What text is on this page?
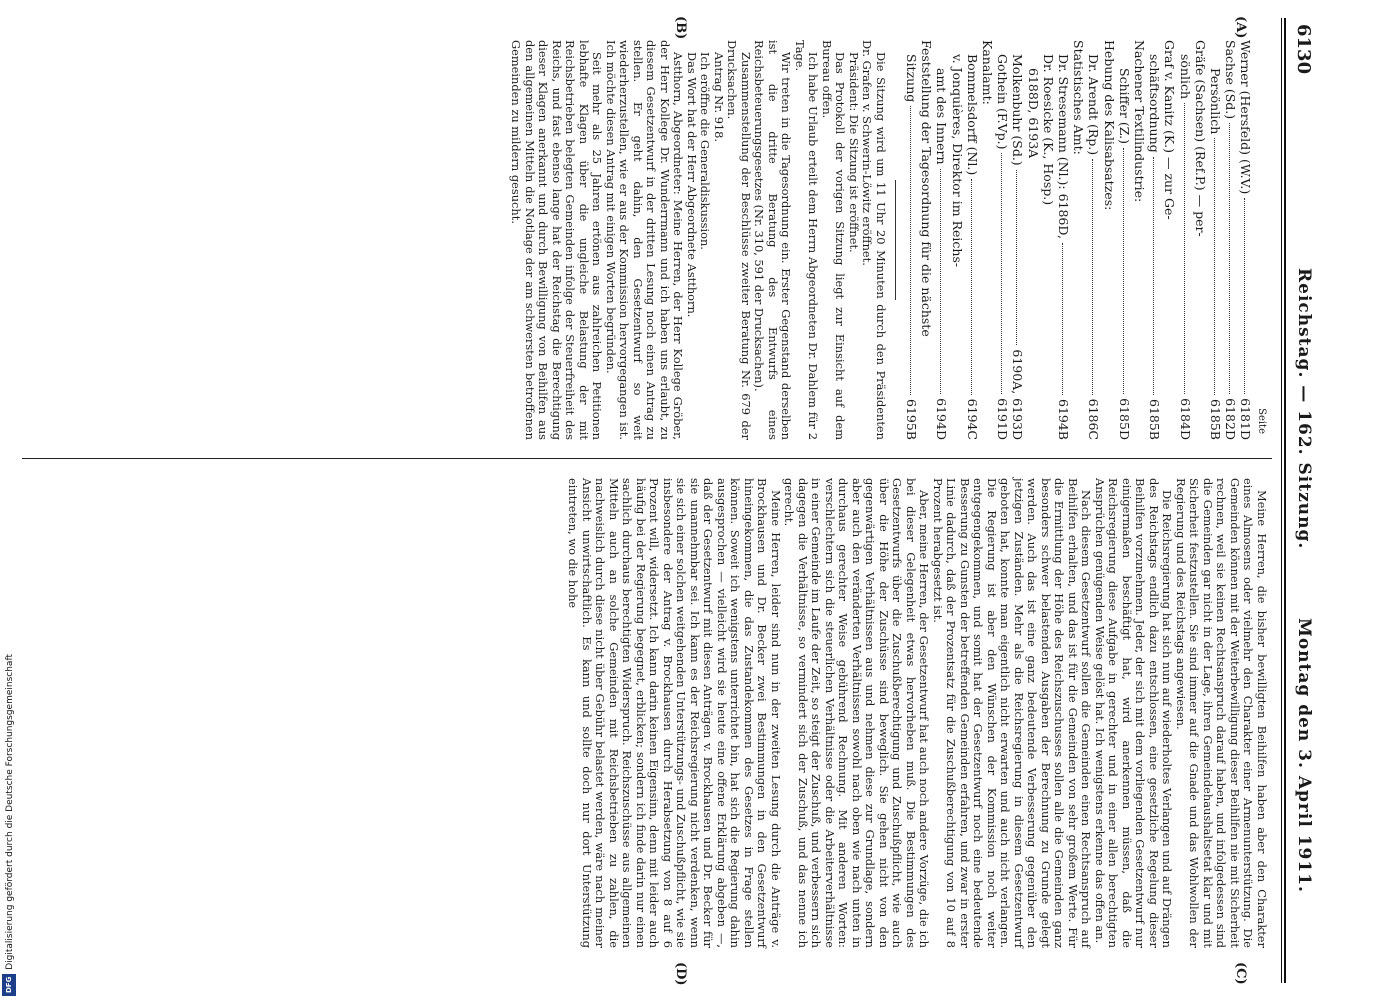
6130
Reichstag. — 162. Sitzung.
Montag den 3. April 1911.
(A)
(B)
(C)
(D)
Seite
Werner (Hersfeld) (W.V.)
6181D
Sachse (Sd.)
6182D
Persönlich
6185B
Gräfe (Sachsen) (Ref.P.) — per-
sönlich
6184D
Graf v. Kanitz (K.) — zur Ge-
schäftsordnung
6185B
Nachener Textilindustrie:
Schiffer (Z.)
6185D
Hebung des Kalisabsatzes:
Dr. Arendt (Rp.)
6186C
Statistisches Amt:
Dr. Stresemann (Nl.): 6186D,
6194B
Dr. Roesicke (K., Hosp.)
6188D, 6193A
Molkenbuhr (Sd.)
6190A, 6193D
Gothein (F.Vp.)
6191D
Kanalamt:
Bommelsdorff (Nl.)
6194C
v. Jonquières, Direktor im Reichs-
amt des Innern
6194D
Feststellung der Tagesordnung für die nächste
Sitzung
6195B

Die Sitzung wird um 11 Uhr 20 Minuten durch den Präsidenten Dr. Grafen v. Schwerin-Löwitz eröffnet.

Präsident: Die Sitzung ist eröffnet.

Das Protokoll der vorigen Sitzung liegt zur Einsicht auf dem Bureau offen.

Ich habe Urlaub erteilt dem Herrn Abgeordneten Dr. Dahlem für 2 Tage.

Wir treten in die Tagesordnung ein. Erster Gegenstand derselben ist die dritte Beratung des Entwurfs eines Reichsbeteuerungsgesetzes (Nr. 310, 591 der Drucksachen).

Zusammenstellung der Beschlüsse zweiter Beratung Nr. 679 der Drucksachen.

Antrag Nr. 918.

Ich eröffne die Generaldiskussion.

Das Wort hat der Herr Abgeordnete Astthorn.

Astthorn, Abgeordneter: Meine Herren, der Herr Kollege Gröber, der Herr Kollege Dr. Wunderrmann und ich haben uns erlaubt, zu diesem Gesetzentwurf in der dritten Lesung noch einen Antrag zu stellen. Er geht dahin, den Gesetzentwurf so weit wiederherzustellen, wie er aus der Kommission hervorgegangen ist. Ich möchte diesen Antrag mit einigen Worten begründen.

Seit mehr als 25 Jahren ertönen aus zahlreichen Petitionen lebhafte Klagen über die ungleiche Belastung der mit Reichsbetrieben belegten Gemeinden infolge der Steuerfreiheit des Reichs, und fast ebenso lange hat der Reichstag die Berechtigung dieser Klagen anerkannt und durch Bewilligung von Beihilfen aus den allgemeinen Mitteln die Notlage der am schwersten betroffenen Gemeinden zu mildern gesucht.

Meine Herren, die bisher bewilligten Beihilfen haben aber den Charakter eines Almosens oder vielmehr den Charakter einer Armenunterstützung. Die Gemeinden können mit der Weiterbewilligung dieser Beihilfen nie mit Sicherheit rechnen, weil sie keinen Rechtsanspruch darauf haben, und infolgedessen sind die Gemeinden gar nicht in der Lage, ihren Gemeindehaushaltsetat klar und mit Sicherheit festzustellen. Sie sind immer auf die Gnade und das Wohlwollen der Regierung und des Reichstags angewiesen.

Die Reichsregierung hat sich nun auf wiederholtes Verlangen und auf Drängen des Reichstags endlich dazu entschlossen, eine gesetzliche Regelung dieser Beihilfen vorzunehmen. Jeder, der sich mit dem vorliegenden Gesetzentwurf nur einigermaßen beschäftigt hat, wird anerkennen müssen, daß die Reichsregierung diese Aufgabe in gerechter und in einer allen berechtigten Ansprüchen genügenden Weise gelöst hat. Ich wenigstens erkenne das offen an.

Nach diesem Gesetzentwurf sollen die Gemeinden einen Rechtsanspruch auf Beihilfen erhalten, und das ist für die Gemeinden von sehr großem Werte. Für die Ermittlung der Höhe des Reichszuschusses sollen alle die Gemeinden ganz besonders schwer belastenden Ausgaben der Berechnung zu Grunde gelegt werden. Auch das ist eine ganz bedeutende Verbesserung gegenüber den jetzigen Zuständen. Mehr als die Reichsregierung in diesem Gesetzentwurf geboten hat, konnte man eigentlich nicht erwarten und auch nicht verlangen. Die Regierung ist aber den Wünschen der Kommission noch weiter entgegengekommen, und somit hat der Gesetzentwurf noch eine bedeutende Besserung zu Gunsten der betreffenden Gemeinden erfahren, und zwar in erster Linie dadurch, daß der Prozentsatz für die Zuschußberechtigung von 10 auf 8 Prozent herabgesetzt ist.

Aber, meine Herren, der Gesetzentwurf hat auch noch andere Vorzüge, die ich bei dieser Gelegenheit etwas hervorheben muß. Die Bestimmungen des Gesetzentwurfs über die Zuschußberechtigung und Zuschußpflicht, wie auch über die Höhe der Zuschüsse sind beweglich. Sie gehen nicht von den gegenwärtigen Verhältnissen aus und nehmen diese zur Grundlage, sondern aber auch den veränderten Verhältnissen sowohl nach oben wie nach unten in durchaus gerechter Weise gebührend Rechnung. Mit anderen Worten: verschlechtern sich die steuerlichen Verhältnisse oder die Arbeiterverhältnisse in einer Gemeinde im Laufe der Zeit, so steigt der Zuschuß, und verbessern sich dagegen die Verhältnisse, so vermindert sich der Zuschuß, und das nenne ich gerecht.

Meine Herren, leider sind nun in der zweiten Lesung durch die Anträge v. Brockhausen und Dr. Becker zwei Bestimmungen in den Gesetzentwurf hineingekommen, die das Zustandekommen des Gesetzes in Frage stellen können. Soweit ich wenigstens unterrichtet bin, hat sich die Regierung dahin ausgesprochen — vielleicht wird sie heute eine offene Erklärung abgeben —, daß der Gesetzentwurf mit diesen Anträgen v. Brockhausen und Dr. Becker für sie unannehmbar sei. Ich kann es der Reichsregierung nicht verdenken, wenn sie sich einer solchen weitgehenden Unterstützungs- und Zuschußpflicht, wie sie insbesondere der Antrag v. Brockhausen durch Herabsetzung von 8 auf 6 Prozent will, widersetzt. Ich kann darin keinen Eigensinn, denn mit leider auch häufig bei der Regierung begegnet, erblicken; sondern ich finde darin nur einen sachlich durchaus berechtigten Widerspruch. Reichszuschüsse aus allgemeinen Mitteln auch an solche Gemeinden mit Reichsbetrieben zu zahlen, die nachweislich durch diese nicht über Gebühr belastet werden, wäre nach meiner Ansicht unwirtschaftlich. Es kann und sollte doch nur dort Unterstützung eintreten, wo die hohe

Digitalisierung gefördert durch die Deutsche Forschungsgemeinschaft
DFG
